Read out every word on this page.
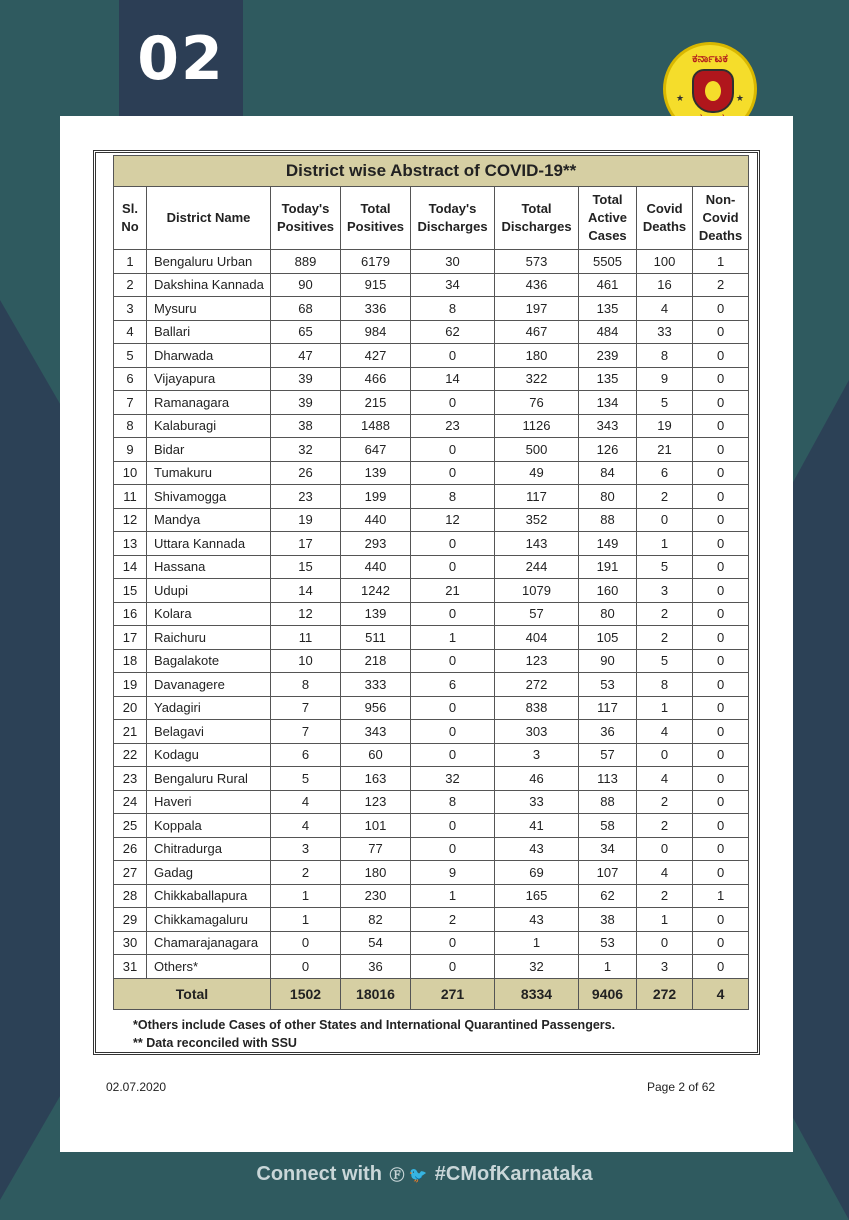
02	ಕರ್ನಾಟಕ
★	★
District wise Abstract of COVID-19**								
Sl. No	District Name	Today's Positives	Total Positives	Today's Discharges	Total Discharges	Total Active Cases	Covid Deaths	Non-Covid Deaths
1	Bengaluru Urban	889	6179	30	573	5505	100	1
2	Dakshina Kannada	90	915	34	436	461	16	2
3	Mysuru	68	336	8	197	135	4	0
4	Ballari	65	984	62	467	484	33	0
5	Dharwada	47	427	0	180	239	8	0
6	Vijayapura	39	466	14	322	135	9	0
7	Ramanagara	39	215	0	76	134	5	0
8	Kalaburagi	38	1488	23	1126	343	19	0
9	Bidar	32	647	0	500	126	21	0
10	Tumakuru	26	139	0	49	84	6	0
11	Shivamogga	23	199	8	117	80	2	0
12	Mandya	19	440	12	352	88	0	0
13	Uttara Kannada	17	293	0	143	149	1	0
14	Hassana	15	440	0	244	191	5	0
15	Udupi	14	1242	21	1079	160	3	0
16	Kolara	12	139	0	57	80	2	0
17	Raichuru	11	511	1	404	105	2	0
18	Bagalakote	10	218	0	123	90	5	0
19	Davanagere	8	333	6	272	53	8	0
20	Yadagiri	7	956	0	838	117	1	0
21	Belagavi	7	343	0	303	36	4	0
22	Kodagu	6	60	0	3	57	0	0
23	Bengaluru Rural	5	163	32	46	113	4	0
24	Haveri	4	123	8	33	88	2	0
25	Koppala	4	101	0	41	58	2	0
26	Chitradurga	3	77	0	43	34	0	0
27	Gadag	2	180	9	69	107	4	0
28	Chikkaballapura	1	230	1	165	62	2	1
29	Chikkamagaluru	1	82	2	43	38	1	0
30	Chamarajanagara	0	54	0	1	53	0	0
31	Others*	0	36	0	32	1	3	0
Total		1502	18016	271	8334	9406	272	4
*Others include Cases of other States and International Quarantined Passengers.
** Data reconciled with SSU
02.07.2020	Page 2 of 62
Connect with Ⓕ 🐦 #CMofKarnataka
